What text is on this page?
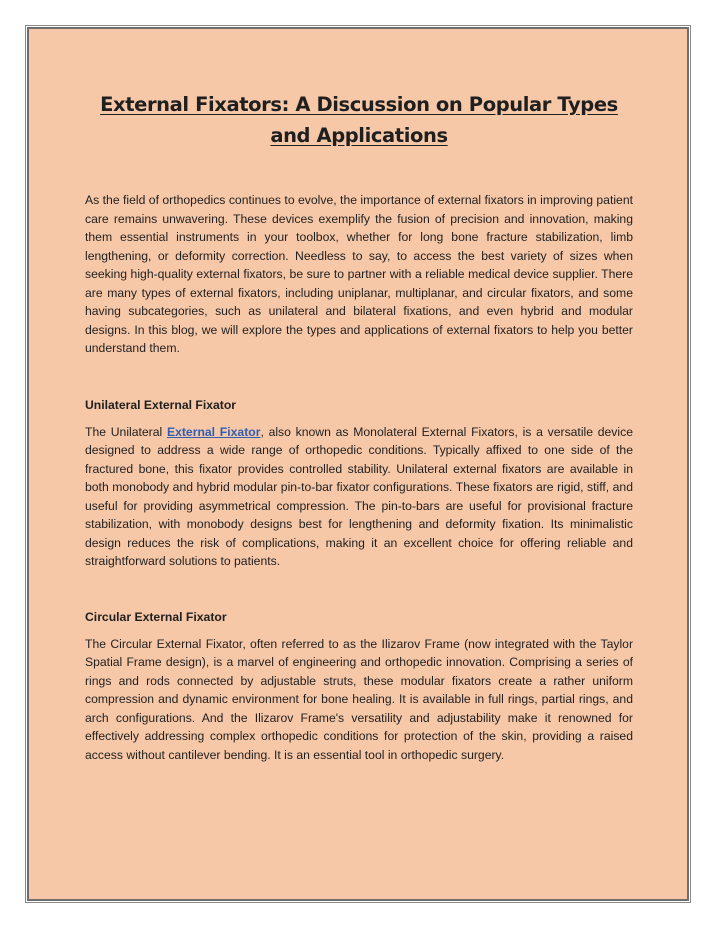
External Fixators: A Discussion on Popular Types and Applications

As the field of orthopedics continues to evolve, the importance of external fixators in improving patient care remains unwavering. These devices exemplify the fusion of precision and innovation, making them essential instruments in your toolbox, whether for long bone fracture stabilization, limb lengthening, or deformity correction. Needless to say, to access the best variety of sizes when seeking high-quality external fixators, be sure to partner with a reliable medical device supplier. There are many types of external fixators, including uniplanar, multiplanar, and circular fixators, and some having subcategories, such as unilateral and bilateral fixations, and even hybrid and modular designs. In this blog, we will explore the types and applications of external fixators to help you better understand them.

Unilateral External Fixator

The Unilateral External Fixator, also known as Monolateral External Fixators, is a versatile device designed to address a wide range of orthopedic conditions. Typically affixed to one side of the fractured bone, this fixator provides controlled stability. Unilateral external fixators are available in both monobody and hybrid modular pin-to-bar fixator configurations. These fixators are rigid, stiff, and useful for providing asymmetrical compression. The pin-to-bars are useful for provisional fracture stabilization, with monobody designs best for lengthening and deformity fixation. Its minimalistic design reduces the risk of complications, making it an excellent choice for offering reliable and straightforward solutions to patients.

Circular External Fixator

The Circular External Fixator, often referred to as the Ilizarov Frame (now integrated with the Taylor Spatial Frame design), is a marvel of engineering and orthopedic innovation. Comprising a series of rings and rods connected by adjustable struts, these modular fixators create a rather uniform compression and dynamic environment for bone healing. It is available in full rings, partial rings, and arch configurations. And the Ilizarov Frame's versatility and adjustability make it renowned for effectively addressing complex orthopedic conditions for protection of the skin, providing a raised access without cantilever bending. It is an essential tool in orthopedic surgery.
